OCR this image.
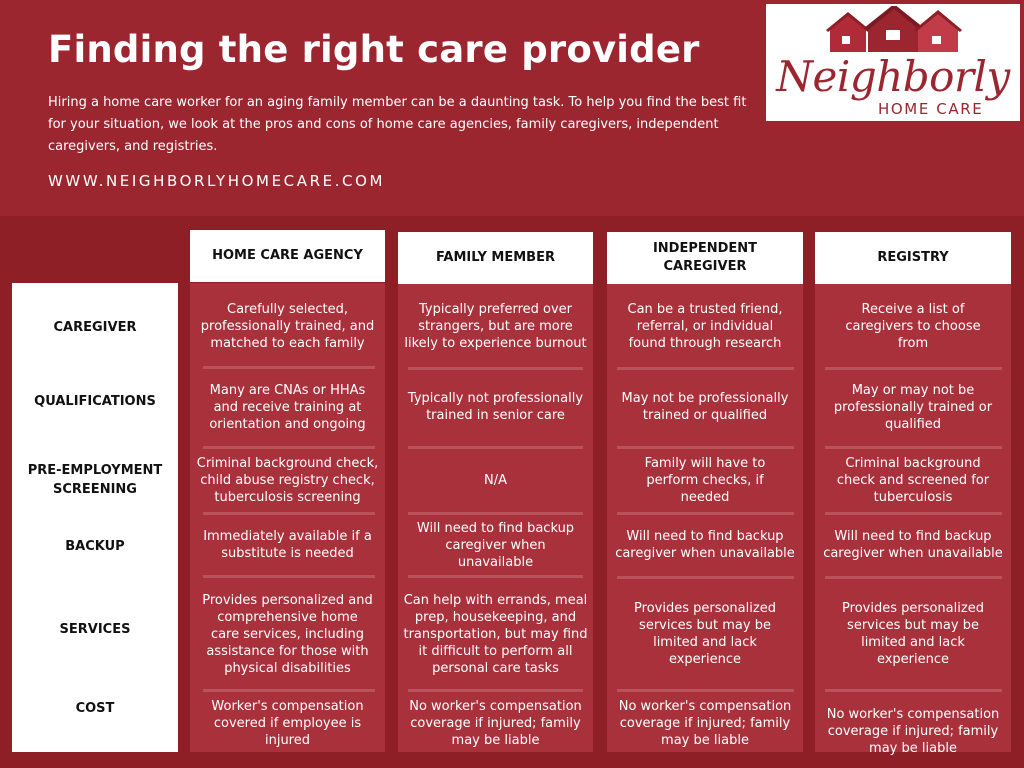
Finding the right care provider
Hiring a home care worker for an aging family member can be a daunting task. To help you find the best fit for your situation, we look at the pros and cons of home care agencies, family caregivers, independent caregivers, and registries.
WWW.NEIGHBORLYHOMECARE.COM
Neighborly
HOME CARE
CAREGIVER
QUALIFICATIONS
PRE-EMPLOYMENT SCREENING
BACKUP
SERVICES
COST
HOME CARE AGENCY	FAMILY MEMBER
INDEPENDENT CAREGIVER
REGISTRY
Carefully selected, professionally trained, and matched to each family
Typically preferred over strangers, but are more likely to experience burnout
Can be a trusted friend, referral, or individual found through research
Receive a list of caregivers to choose from
Many are CNAs or HHAs and receive training at orientation and ongoing
Typically not professionally trained in senior care
May not be professionally trained or qualified
May or may not be professionally trained or qualified
Criminal background check, child abuse registry check, tuberculosis screening
N/A
Family will have to perform checks, if needed
Criminal background check and screened for tuberculosis
Immediately available if a substitute is needed
Will need to find backup caregiver when unavailable
Will need to find backup caregiver when unavailable
Will need to find backup caregiver when unavailable
Provides personalized and comprehensive home care services, including assistance for those with physical disabilities
Can help with errands, meal prep, housekeeping, and transportation, but may find it difficult to perform all personal care tasks
Provides personalized services but may be limited and lack experience
Provides personalized services but may be limited and lack experience
Worker's compensation covered if employee is injured
No worker's compensation coverage if injured; family may be liable
No worker's compensation coverage if injured; family may be liable
No worker's compensation coverage if injured; family may be liable
